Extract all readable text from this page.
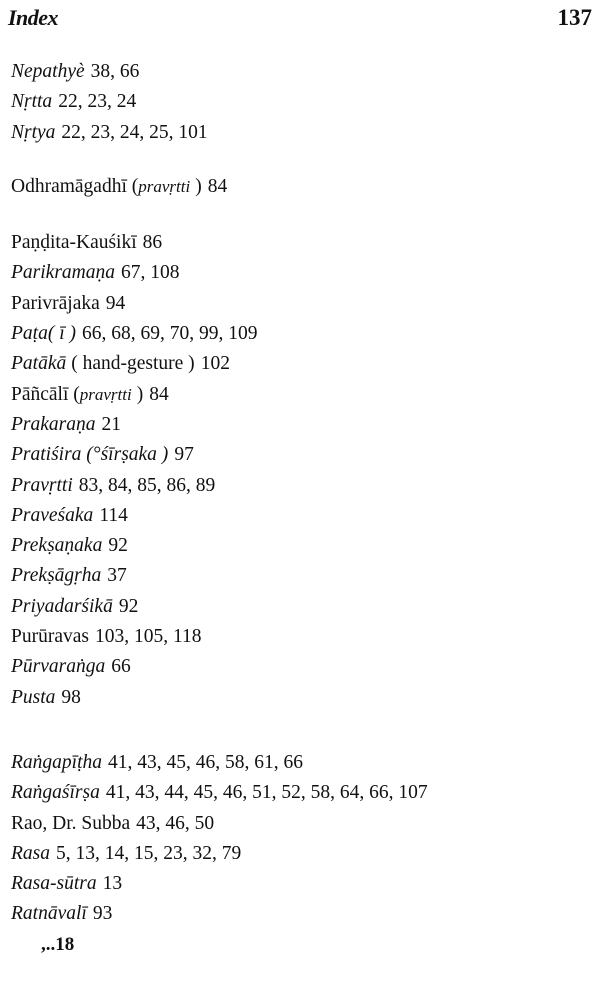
Index	137
Nepathyè 38, 66
Nṛtta 22, 23, 24
Nṛtya 22, 23, 24, 25, 101
Odhramāgadhī (pravṛtti ) 84
Paṇḍita-Kauśikī 86
Parikramaṇa 67, 108
Parivrājaka 94
Paṭa( ī ) 66, 68, 69, 70, 99, 109
Patākā ( hand-gesture ) 102
Pāñcālī (pravṛtti ) 84
Prakaraṇa 21
Pratiśira (°śīrṣaka ) 97
Pravṛtti 83, 84, 85, 86, 89
Praveśaka 114
Prekṣaṇaka 92
Prekṣāgṛha 37
Priyadarśikā 92
Purūravas 103, 105, 118
Pūrvaraṅga 66
Pusta 98
Raṅgapīṭha 41, 43, 45, 46, 58, 61, 66
Raṅgaśīrṣa 41, 43, 44, 45, 46, 51, 52, 58, 64, 66, 107
Rao, Dr. Subba 43, 46, 50
Rasa 5, 13, 14, 15, 23, 32, 79
Rasa-sūtra 13
Ratnāvalī 93
,..18
